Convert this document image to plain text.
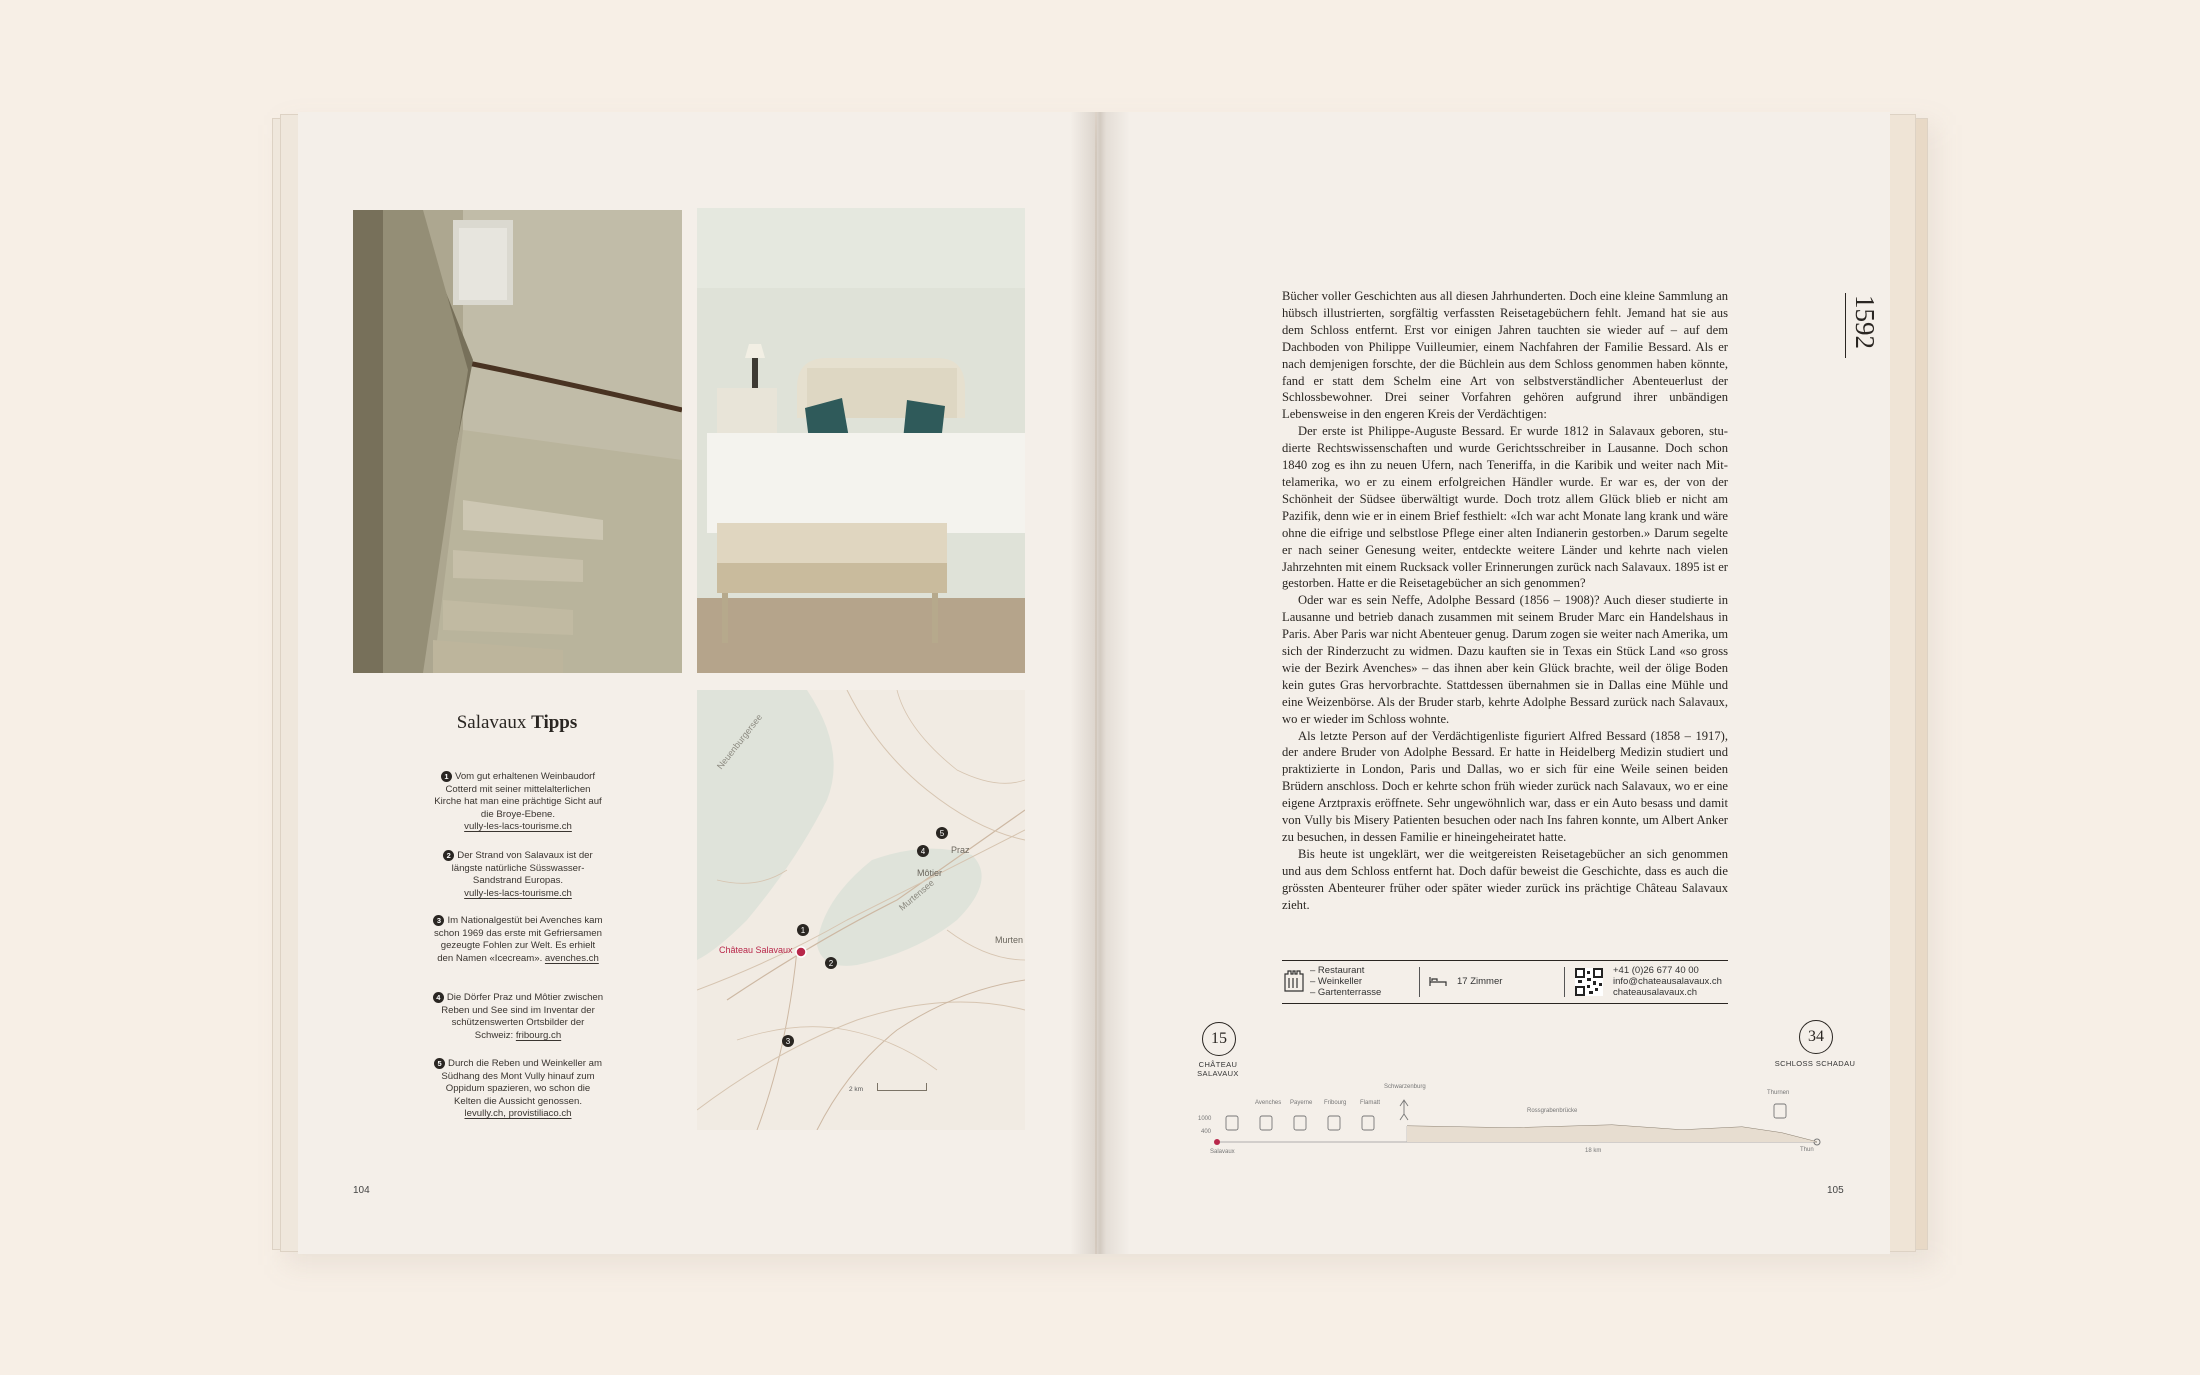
Salavaux Tipps
1 Vom gut erhaltenen Weinbaudorf Cotterd mit seiner mittelalterlichen Kirche hat man eine prächtige Sicht auf die Broye-Ebene.
vully-les-lacs-tourisme.ch
2 Der Strand von Salavaux ist der längste natürliche Süsswasser-Sandstrand Europas.
vully-les-lacs-tourisme.ch
3 Im Nationalgestüt bei Avenches kam schon 1969 das erste mit Gefriersamen gezeugte Fohlen zur Welt. Es erhielt den Namen «Icecream». avenches.ch
4 Die Dörfer Praz und Môtier zwischen Reben und See sind im Inventar der schützenswerten Ortsbilder der Schweiz: fribourg.ch
5 Durch die Reben und Weinkeller am Südhang des Mont Vully hinauf zum Oppidum spazieren, wo schon die Kelten die Aussicht genossen.
levully.ch, provistiliaco.ch
1
2
3
4
5
Neuenburgersee
Murtensee
Praz
Môtier
Murten
Château Salavaux
2 km
104
1592

Bücher voller Geschichten aus all diesen Jahrhunderten. Doch eine kleine Sammlung an hübsch illustrierten, sorgfältig verfassten Reisetagebüchern fehlt. Jemand hat sie aus dem Schloss entfernt. Erst vor einigen Jahren tauchten sie wieder auf – auf dem Dachboden von Philippe Vuilleumier, einem Nachfahren der Familie Bessard. Als er nach demjenigen forschte, der die Büchlein aus dem Schloss genommen haben könnte, fand er statt dem Schelm eine Art von selbstverständlicher Abenteuerlust der Schlossbewohner. Drei seiner Vorfahren gehören aufgrund ihrer unbändigen Lebensweise in den engeren Kreis der Verdächtigen:

Der erste ist Philippe-Auguste Bessard. Er wurde 1812 in Salavaux geboren, studierte Rechtswissenschaften und wurde Gerichtsschreiber in Lausanne. Doch schon 1840 zog es ihn zu neuen Ufern, nach Teneriffa, in die Karibik und weiter nach Mittelamerika, wo er zu einem erfolgreichen Händler wurde. Er war es, der von der Schönheit der Südsee überwältigt wurde. Doch trotz allem Glück blieb er nicht am Pazifik, denn wie er in einem Brief festhielt: «Ich war acht Monate lang krank und wäre ohne die eifrige und selbstlose Pflege einer alten Indianerin gestorben.» Darum segelte er nach seiner Genesung weiter, entdeckte weitere Länder und kehrte nach vielen Jahrzehnten mit einem Rucksack voller Erinnerungen zurück nach Salavaux. 1895 ist er gestorben. Hatte er die Reisetagebücher an sich genommen?

Oder war es sein Neffe, Adolphe Bessard (1856 – 1908)? Auch dieser studierte in Lausanne und betrieb danach zusammen mit seinem Bruder Marc ein Handelshaus in Paris. Aber Paris war nicht Abenteuer genug. Darum zogen sie weiter nach Amerika, um sich der Rinderzucht zu widmen. Dazu kauften sie in Texas ein Stück Land «so gross wie der Bezirk Avenches» – das ihnen aber kein Glück brachte, weil der ölige Boden kein gutes Gras hervorbrachte. Stattdessen übernahmen sie in Dallas eine Mühle und eine Weizenbörse. Als der Bruder starb, kehrte Adolphe Bessard zurück nach Salavaux, wo er wieder im Schloss wohnte.

Als letzte Person auf der Verdächtigenliste figuriert Alfred Bessard (1858 – 1917), der andere Bruder von Adolphe Bessard. Er hatte in Heidelberg Medizin studiert und praktizierte in London, Paris und Dallas, wo er sich für eine Weile seinen beiden Brüdern anschloss. Doch er kehrte schon früh wieder zurück nach Salavaux, wo er eine eigene Arztpraxis eröffnete. Sehr ungewöhnlich war, dass er ein Auto besass und damit von Vully bis Misery Patienten besuchen oder nach Ins fahren konnte, um Albert Anker zu besuchen, in dessen Familie er hineingeheiratet hatte.

Bis heute ist ungeklärt, wer die weitgereisten Reisetagebücher an sich genommen und aus dem Schloss entfernt hat. Doch dafür beweist die Geschichte, dass es auch die grössten Abenteurer früher oder später wieder zurück ins prächtige Château Salavaux zieht.

– Restaurant
– Weinkeller
– Gartenterrasse
17 Zimmer
+41 (0)26 677 40 00
info@chateausalavaux.ch
chateausalavaux.ch
15
CHÂTEAU SALAVAUX
34
SCHLOSS SCHADAU
1000
400
Avenches Payerne Fribourg Flamatt
Schwarzenburg
Rossgrabenbrücke
Thurnen
Salavaux	Thun
18 km
105
